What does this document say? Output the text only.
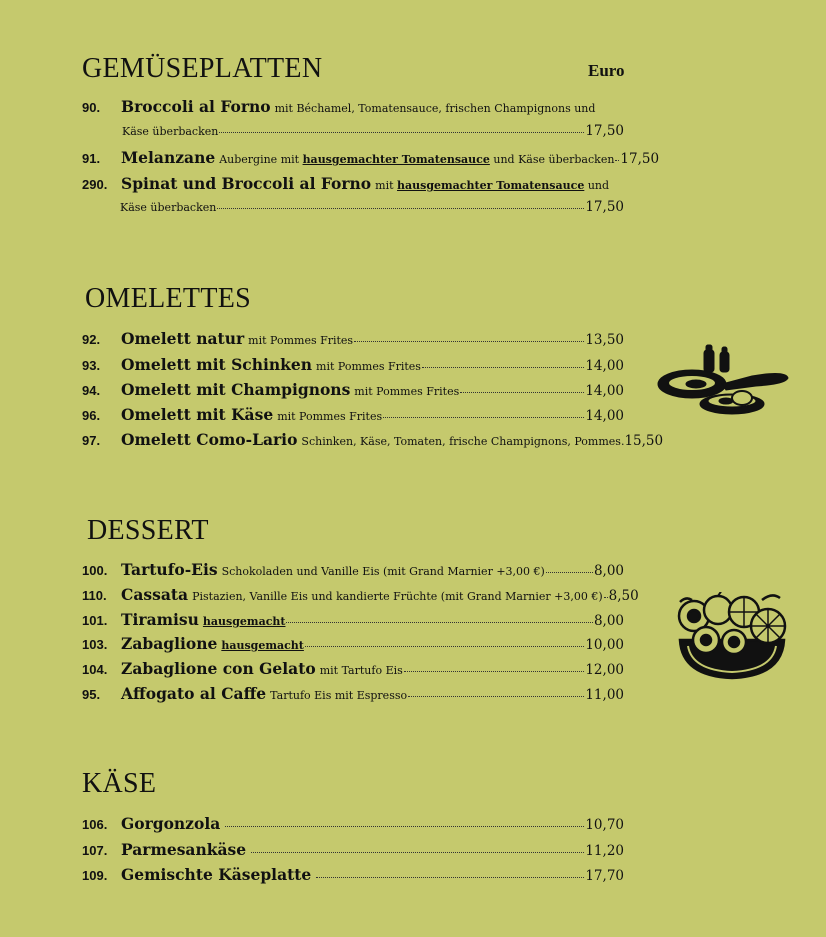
GEMÜSEPLATTEN	Euro
90.	Broccoli al Forno mit Béchamel, Tomatensauce, frischen Champignons und
Käse überbacken	17,50
91.	Melanzane Aubergine mit hausgemachter Tomatensauce und Käse überbacken 17,50
290. Spinat und Broccoli al Forno mit hausgemachter Tomatensauce und
Käse überbacken	17,50
OMELETTES
92.	Omelett natur mit Pommes Frites	13,50
93.	Omelett mit Schinken mit Pommes Frites	14,00
94.	Omelett mit Champignons mit Pommes Frites	14,00
96.	Omelett mit Käse mit Pommes Frites	14,00
97.	Omelett Como-Lario Schinken, Käse, Tomaten, frische Champignons, Pommes. 15,50
DESSERT
100. Tartufo-Eis Schokoladen und Vanille Eis (mit Grand Marnier +3,00 €)	8,00
110. Cassata Pistazien, Vanille Eis und kandierte Früchte (mit Grand Marnier +3,00 €) 8,50
101. Tiramisu hausgemacht	8,00
103. Zabaglione hausgemacht	10,00
104. Zabaglione con Gelato mit Tartufo Eis	12,00
95.	Affogato al Caffe Tartufo Eis mit Espresso	11,00
KÄSE
106. Gorgonzola	10,70
107. Parmesankäse	11,20
109. Gemischte Käseplatte	17,70
